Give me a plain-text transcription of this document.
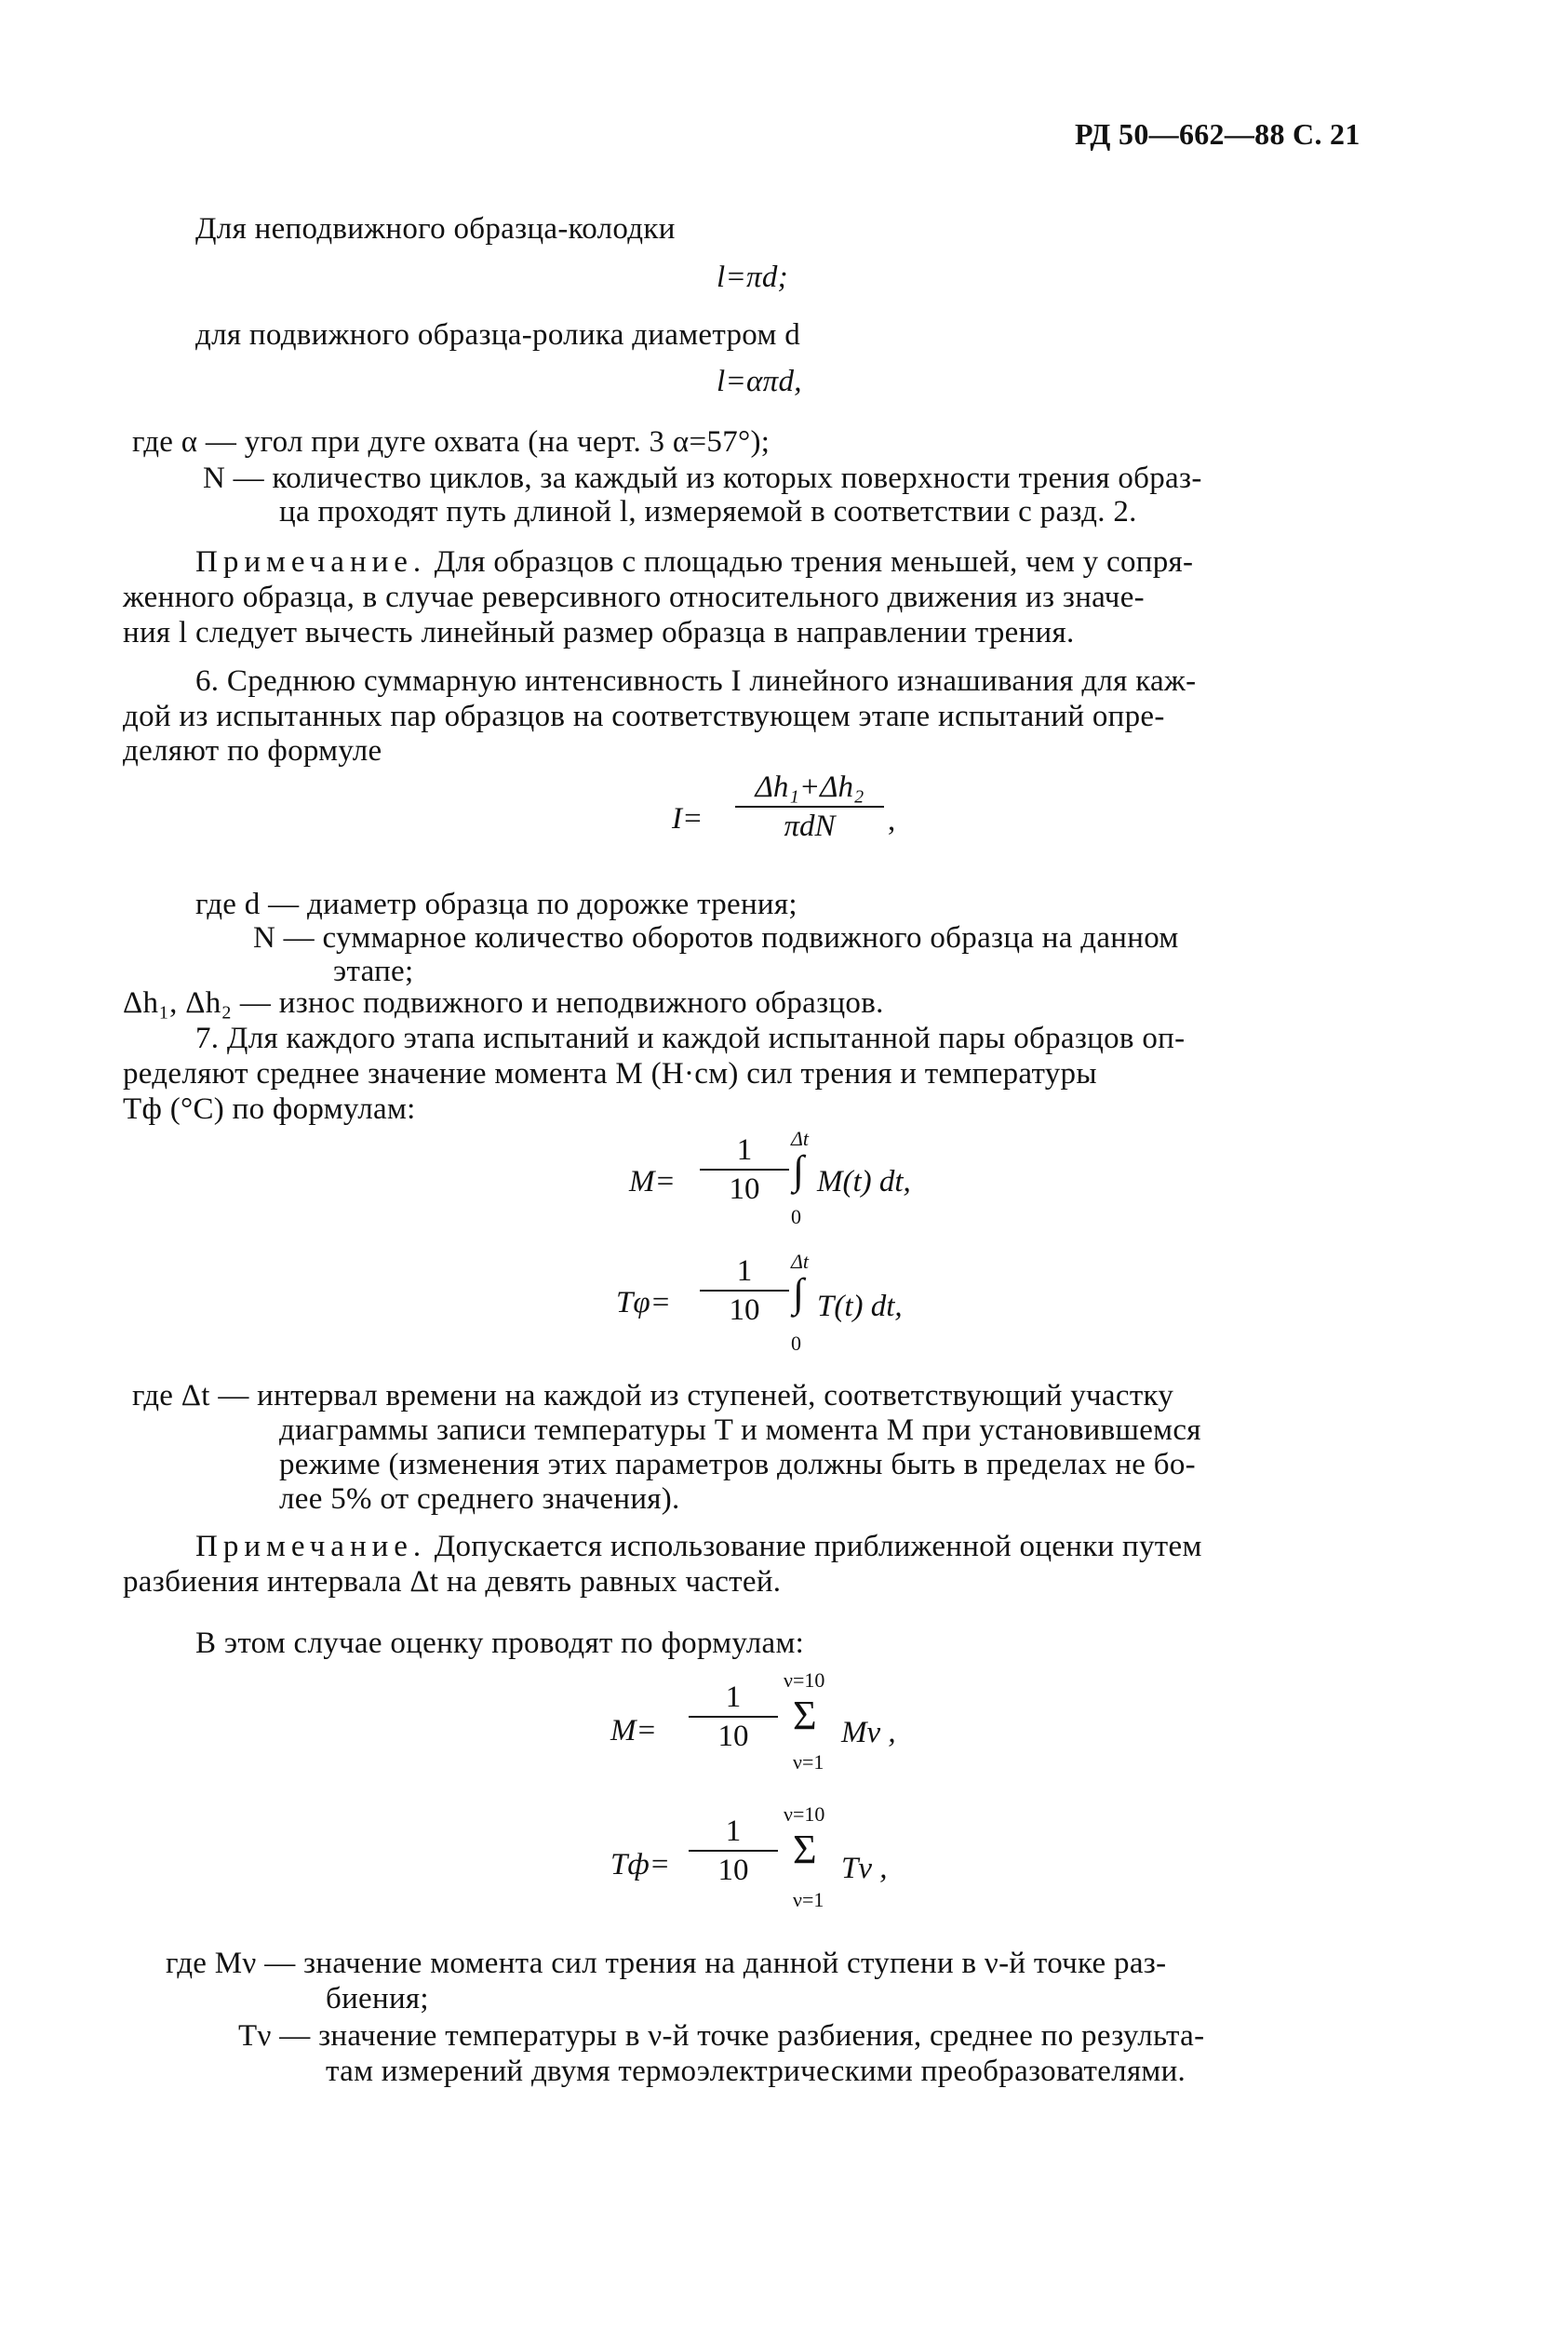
РД 50—662—88 С. 21
Для неподвижного образца-колодки
l=πd;
для подвижного образца-ролика диаметром d
l=απd,
где α — угол при дуге охвата (на черт. 3 α=57°);
N — количество циклов, за каждый из которых поверхности трения образ-
ца проходят путь длиной l, измеряемой в соответствии с разд. 2.
Примечание. Для образцов с площадью трения меньшей, чем у сопря-
женного образца, в случае реверсивного относительного движения из значе-
ния l следует вычесть линейный размер образца в направлении трения.
6. Среднюю суммарную интенсивность I линейного изнашивания для каж-
дой из испытанных пар образцов на соответствующем этапе испытаний опре-
деляют по формуле
I=
Δh₁+Δh₂
πdN	,
где d — диаметр образца по дорожке трения;
N — суммарное количество оборотов подвижного образца на данном
этапе;
Δh₁, Δh₂ — износ подвижного и неподвижного образцов.
7. Для каждого этапа испытаний и каждой испытанной пары образцов оп-
ределяют среднее значение момента M (H·см) сил трения и температуры
Tф (°C) по формулам:
M=
1
10
Δt
∫
0
M(t) dt,
Tφ=
1
10
Δt
∫
0
T(t) dt,
где Δt — интервал времени на каждой из ступеней, соответствующий участку
диаграммы записи температуры T и момента M при установившемся
режиме (изменения этих параметров должны быть в пределах не бо-
лее 5% от среднего значения).
Примечание. Допускается использование приближенной оценки путем
разбиения интервала Δt на девять равных частей.
В этом случае оценку проводят по формулам:
M=
1
10
ν=10
Σ
ν=1
Mν ,
Tф=
1
10
ν=10
Σ
ν=1
Tν ,
где Mν — значение момента сил трения на данной ступени в ν-й точке раз-
биения;
Tν — значение температуры в ν-й точке разбиения, среднее по результа-
там измерений двумя термоэлектрическими преобразователями.
